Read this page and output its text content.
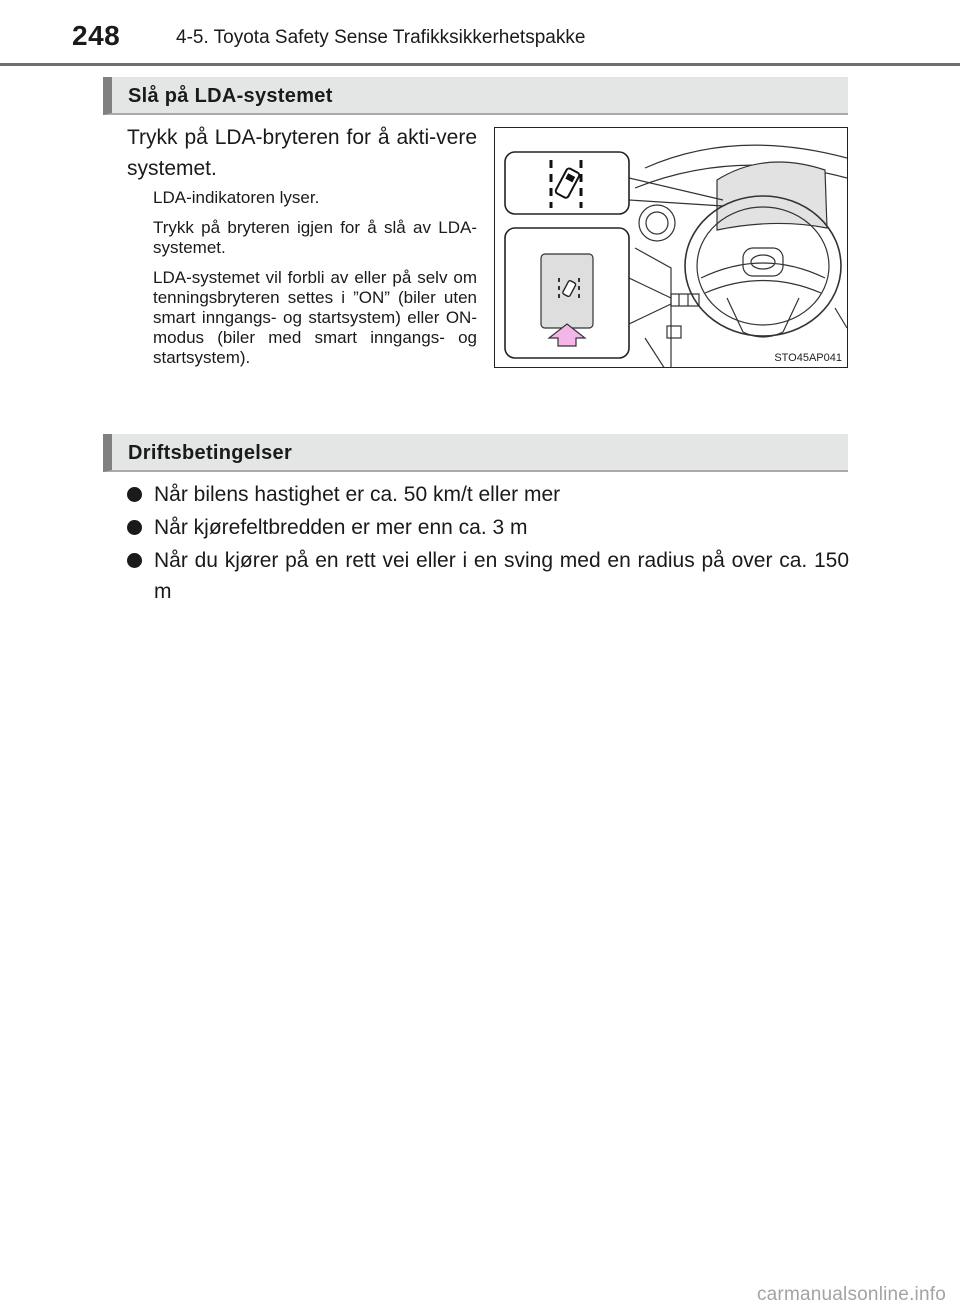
248	4-5. Toyota Safety Sense Trafikksikkerhetspakke
Slå på LDA-systemet
Trykk på LDA-bryteren for å akti-vere systemet.

LDA-indikatoren lyser.

Trykk på bryteren igjen for å slå av LDA-systemet.

LDA-systemet vil forbli av eller på selv om tenningsbryteren settes i ”ON” (biler uten smart inngangs- og startsystem) eller ON-modus (biler med smart inngangs- og startsystem).	STO45AP041
Driftsbetingelser
Når bilens hastighet er ca. 50 km/t eller mer
Når kjørefeltbredden er mer enn ca. 3 m
Når du kjører på en rett vei eller i en sving med en radius på over ca. 150 m
carmanualsonline.info
